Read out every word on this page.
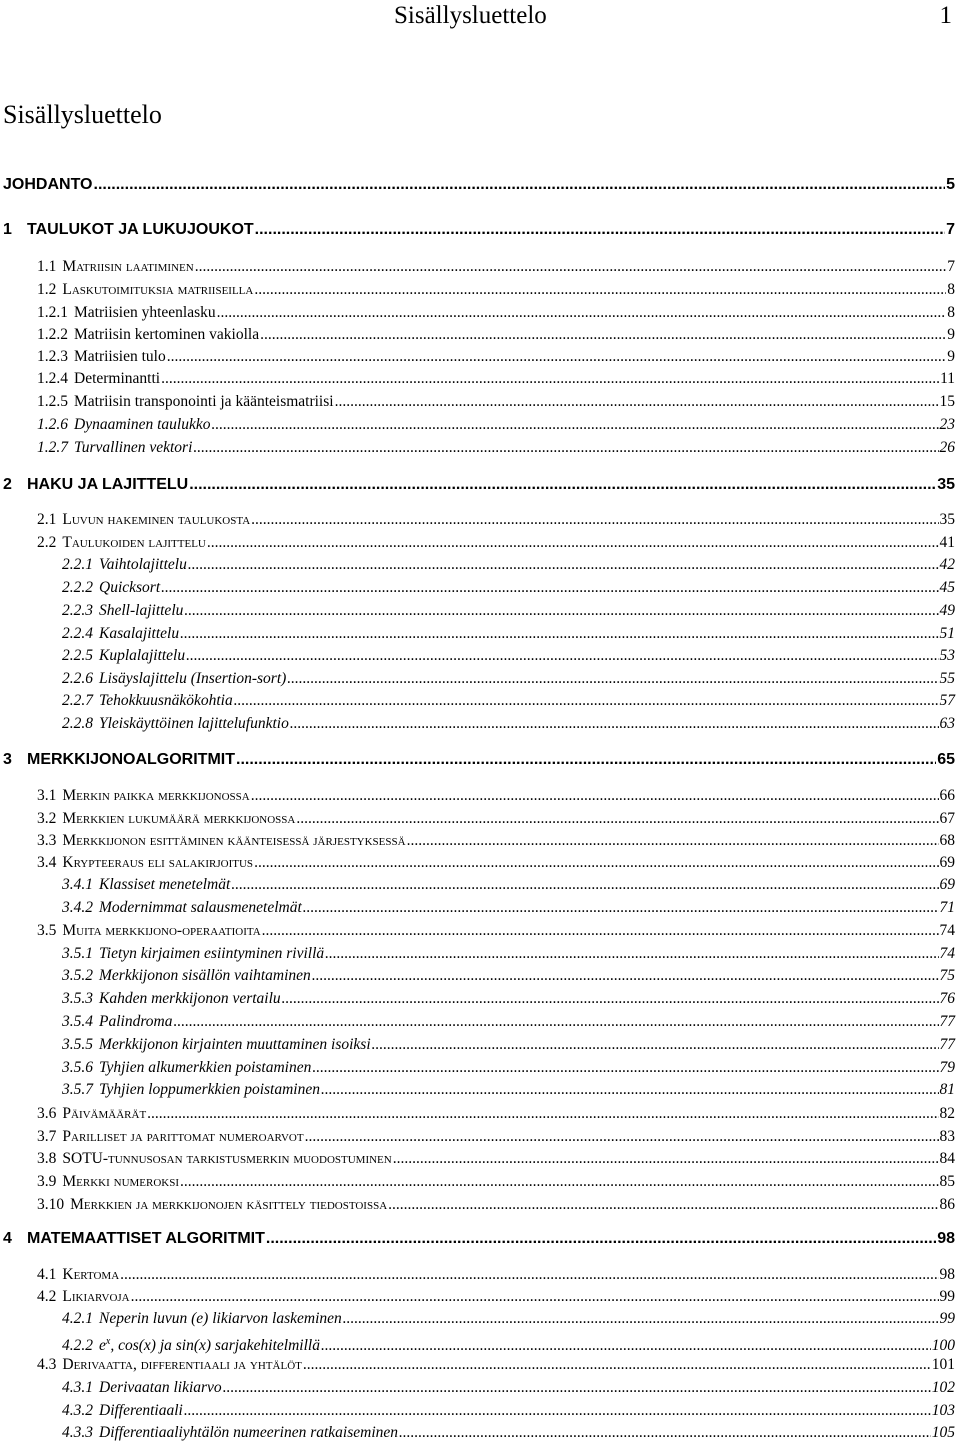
Sisällysluettelo	1
Sisällysluettelo
JOHDANTO .....	5
1 TAULUKOT JA LUKUJOUKOT .....	7
1.1 Matriisin laatiminen .....	7
1.2 Laskutoimituksia matriiseilla .....	8
1.2.1 Matriisien yhteenlasku .....	8
1.2.2 Matriisin kertominen vakiolla .....	9
1.2.3 Matriisien tulo .....	9
1.2.4 Determinantti .....	11
1.2.5 Matriisin transponointi ja käänteismatriisi .....	15
1.2.6 Dynaaminen taulukko .....	23
1.2.7 Turvallinen vektori .....	26
2 HAKU JA LAJITTELU .....	35
2.1 Luvun hakeminen taulukosta .....	35
2.2 Taulukoiden lajittelu .....	41
2.2.1 Vaihtolajittelu .....	42
2.2.2 Quicksort .....	45
2.2.3 Shell-lajittelu .....	49
2.2.4 Kasalajittelu .....	51
2.2.5 Kuplalajittelu .....	53
2.2.6 Lisäyslajittelu (Insertion-sort) .....	55
2.2.7 Tehokkuusnäkökohtia .....	57
2.2.8 Yleiskäyttöinen lajittelufunktio .....	63
3 MERKKIJONOALGORITMIT .....	65
3.1 Merkin paikka merkkijonossa .....	66
3.2 Merkkien lukumäärä merkkijonossa .....	67
3.3 Merkkijonon esittäminen käänteisessä järjestyksessä .....	68
3.4 Krypteeraus eli salakirjoitus .....	69
3.4.1 Klassiset menetelmät .....	69
3.4.2 Modernimmat salausmenetelmät .....	71
3.5 Muita merkkijono-operaatioita .....	74
3.5.1 Tietyn kirjaimen esiintyminen rivillä .....	74
3.5.2 Merkkijonon sisällön vaihtaminen .....	75
3.5.3 Kahden merkkijonon vertailu .....	76
3.5.4 Palindroma .....	77
3.5.5 Merkkijonon kirjainten muuttaminen isoiksi .....	77
3.5.6 Tyhjien alkumerkkien poistaminen .....	79
3.5.7 Tyhjien loppumerkkien poistaminen .....	81
3.6 Päivämäärät .....	82
3.7 Parilliset ja parittomat numeroarvot .....	83
3.8 SOTU-tunnusosan tarkistusmerkin muodostuminen .....	84
3.9 Merkki numeroksi .....	85
3.10 Merkkien ja merkkijonojen käsittely tiedostoissa .....	86
4 MATEMAATTISET ALGORITMIT .....	98
4.1 Kertoma .....	98
4.2 Likiarvoja .....	99
4.2.1 Neperin luvun (e) likiarvon laskeminen .....	99
4.2.2 $e^x$, cos(x) ja sin(x) sarjakehitelmillä .....	100
4.3 Derivaatta, differentiaali ja yhtälöt .....	101
4.3.1 Derivaatan likiarvo .....	102
4.3.2 Differentiaali .....	103
4.3.3 Differentiaaliyhtälön numeerinen ratkaiseminen .....	105
